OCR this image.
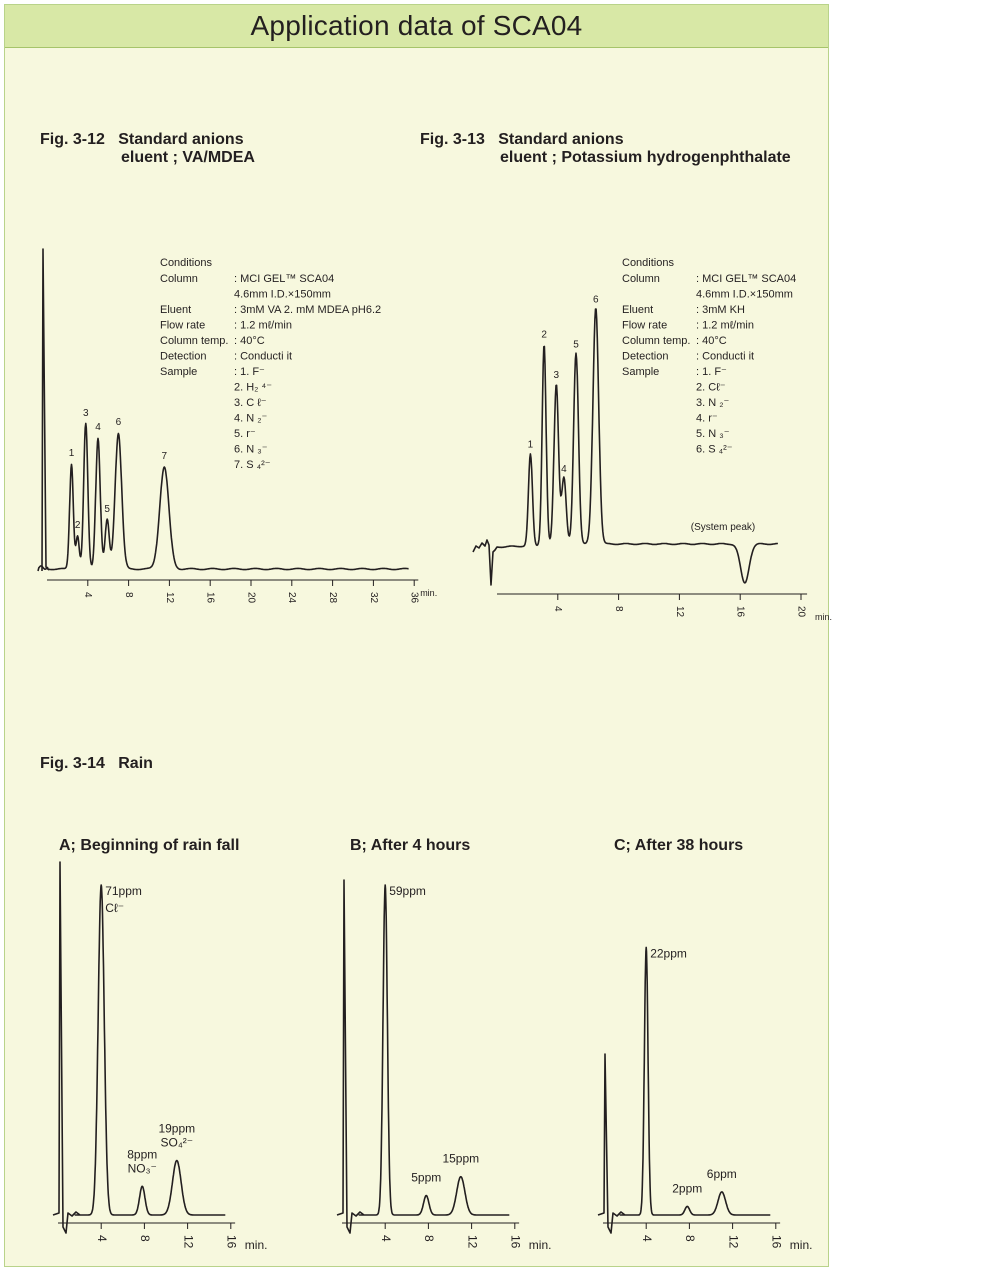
Application data of SCA04
Fig. 3-12   Standard anions
eluent ; VA/MDEA
Fig. 3-13   Standard anions
eluent ; Potassium hydrogenphthalate
Fig. 3-14   Rain
A; Beginning of rain fall	B; After 4 hours	C; After 38 hours
1
2
3
4
5
6
7
4	8	12	16	20	24	28	32	36 min.
Conditions
Column	: MCI GEL™ SCA04
4.6mm I.D.×150mm
Eluent	: 3mM VA 2. mM MDEA pH6.2
Flow rate	: 1.2 mℓ/min
Column temp. : 40°C
Detection	: Conducti it
Sample	: 1. F⁻
2. H₂ ⁴⁻
3. C ℓ⁻
4. N ₂⁻
5. r⁻
6. N ₃⁻
7. S ₄²⁻
1
2
3
4
5
6
(System peak)
4	8	12	16	20 min.
Conditions
Column	: MCI GEL™ SCA04
4.6mm I.D.×150mm
Eluent	: 3mM KH
Flow rate	: 1.2 mℓ/min
Column temp. : 40°C
Detection	: Conducti it
Sample	: 1. F⁻
2. Cℓ⁻
3. N ₂⁻
4. r⁻
5. N ₃⁻
6. S ₄²⁻
71ppm
Cℓ⁻
8ppm
NO₃⁻
19ppm
SO₄²⁻
4 8 12 16 min.
59ppm
5ppm
15ppm
4 8 12 16 min.
22ppm
2ppm
6ppm
4 8 12 16 min.
